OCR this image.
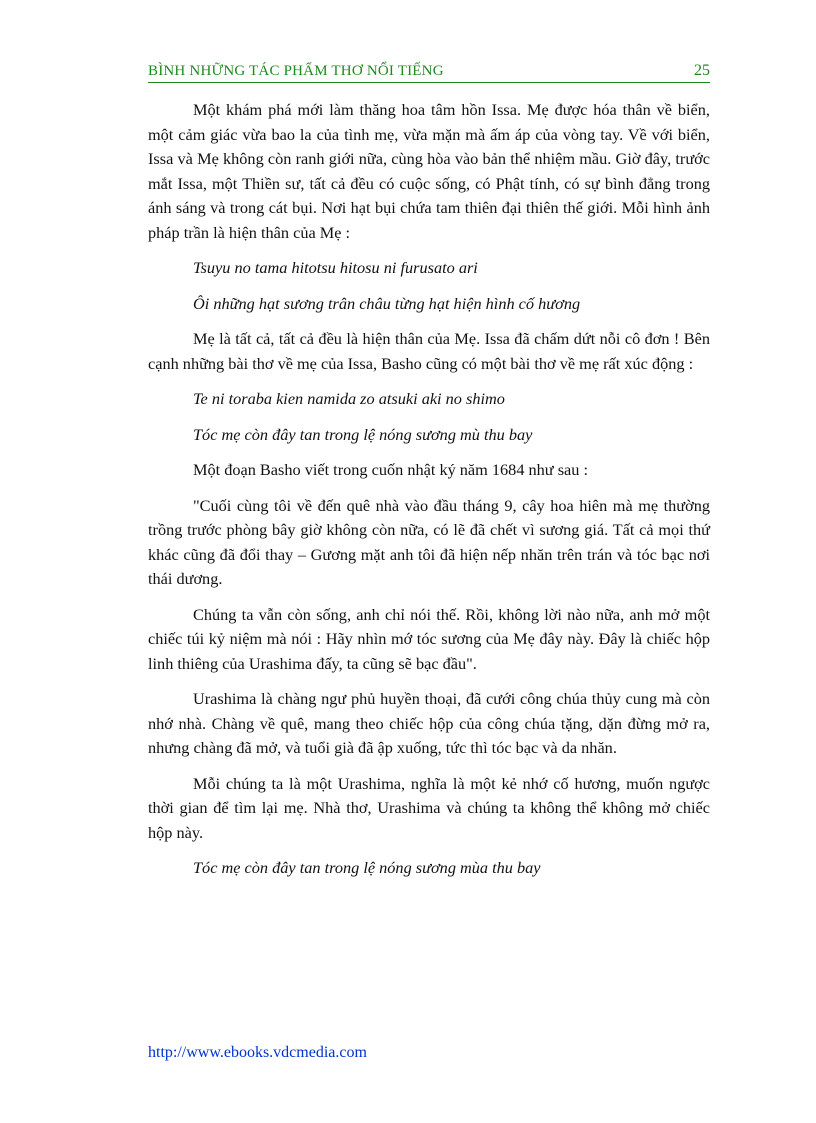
BÌNH NHỮNG TÁC PHẨM THƠ NỔI TIẾNG	25

Một khám phá mới làm thăng hoa tâm hồn Issa. Mẹ được hóa thân về biển, một cảm giác vừa bao la của tình mẹ, vừa mặn mà ấm áp của vòng tay. Về với biển, Issa và Mẹ không còn ranh giới nữa, cùng hòa vào bản thể nhiệm mầu. Giờ đây, trước mắt Issa, một Thiền sư, tất cả đều có cuộc sống, có Phật tính, có sự bình đẳng trong ánh sáng và trong cát bụi. Nơi hạt bụi chứa tam thiên đại thiên thế giới. Mỗi hình ảnh pháp trần là hiện thân của Mẹ :

Tsuyu no tama hitotsu hitosu ni furusato ari

Ôi những hạt sương trân châu từng hạt hiện hình cố hương

Mẹ là tất cả, tất cả đều là hiện thân của Mẹ. Issa đã chấm dứt nỗi cô đơn ! Bên cạnh những bài thơ về mẹ của Issa, Basho cũng có một bài thơ về mẹ rất xúc động :

Te ni toraba kien namida zo atsuki aki no shimo

Tóc mẹ còn đây tan trong lệ nóng sương mù thu bay

Một đoạn Basho viết trong cuốn nhật ký năm 1684 như sau :

"Cuối cùng tôi về đến quê nhà vào đầu tháng 9, cây hoa hiên mà mẹ thường trồng trước phòng bây giờ không còn nữa, có lẽ đã chết vì sương giá. Tất cả mọi thứ khác cũng đã đổi thay – Gương mặt anh tôi đã hiện nếp nhăn trên trán và tóc bạc nơi thái dương.

Chúng ta vẫn còn sống, anh chỉ nói thế. Rồi, không lời nào nữa, anh mở một chiếc túi kỷ niệm mà nói : Hãy nhìn mớ tóc sương của Mẹ đây này. Đây là chiếc hộp linh thiêng của Urashima đấy, ta cũng sẽ bạc đầu".

Urashima là chàng ngư phủ huyền thoại, đã cưới công chúa thủy cung mà còn nhớ nhà. Chàng về quê, mang theo chiếc hộp của công chúa tặng, dặn đừng mở ra, nhưng chàng đã mở, và tuổi già đã ập xuống, tức thì tóc bạc và da nhăn.

Mỗi chúng ta là một Urashima, nghĩa là một kẻ nhớ cố hương, muốn ngược thời gian để tìm lại mẹ. Nhà thơ, Urashima và chúng ta không thể không mở chiếc hộp này.

Tóc mẹ còn đây tan trong lệ nóng sương mùa thu bay

http://www.ebooks.vdcmedia.com
